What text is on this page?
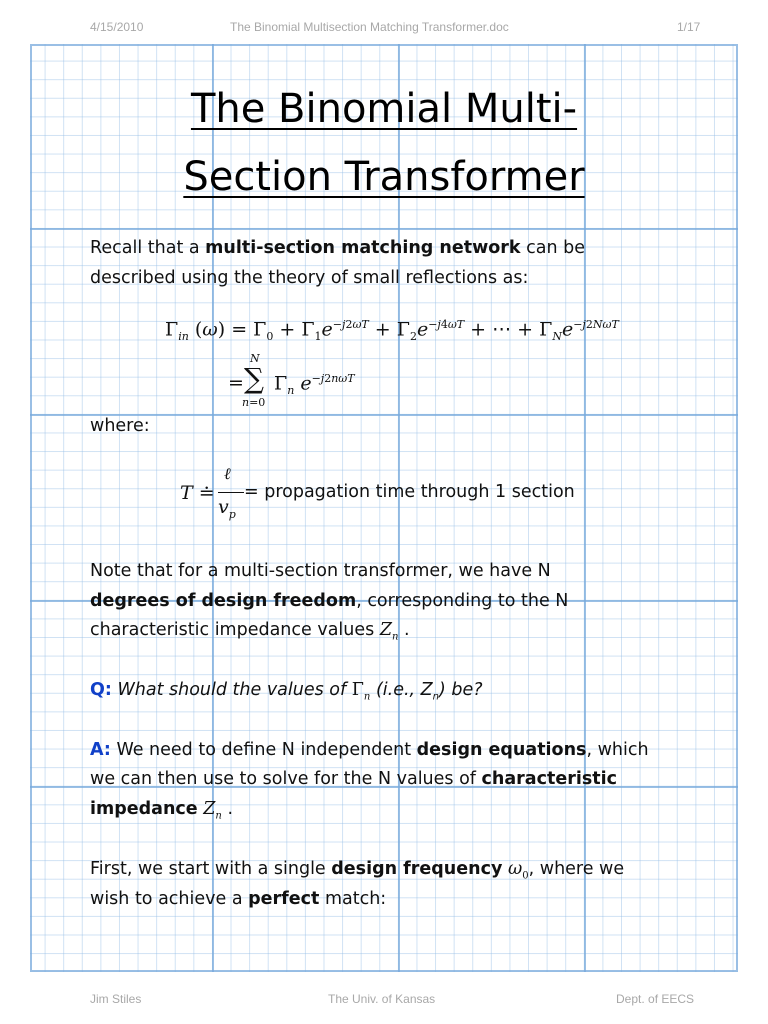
4/15/2010	The Binomial Multisection Matching Transformer.doc	1/17
The Binomial Multi-
Section Transformer
Recall that a multi-section matching network can be
described using the theory of small reflections as:
$\Gamma_{in}$ $(\omega) = \Gamma_0 + \Gamma_1e^{-j2\omega T} + \Gamma_2e^{-j4\omega T}$ + ⋯ + $\Gamma_Ne^{-j2N\omega T}$
=
N
∑
n=0
$\Gamma_n$ $e^{-j2n\omega T}$
where:
T ≐
ℓ
$v_p$
= propagation time through 1 section
Note that for a multi-section transformer, we have N
degrees of design freedom, corresponding to the N
characteristic impedance values $Z_n$ .
Q: What should the values of $\Gamma_n$ (i.e., $Z_n$) be?
A: We need to define N independent design equations, which
we can then use to solve for the N values of characteristic
impedance $Z_n$ .
First, we start with a single design frequency $\omega_0$, where we
wish to achieve a perfect match:
Jim Stiles	The Univ. of Kansas	Dept. of EECS
